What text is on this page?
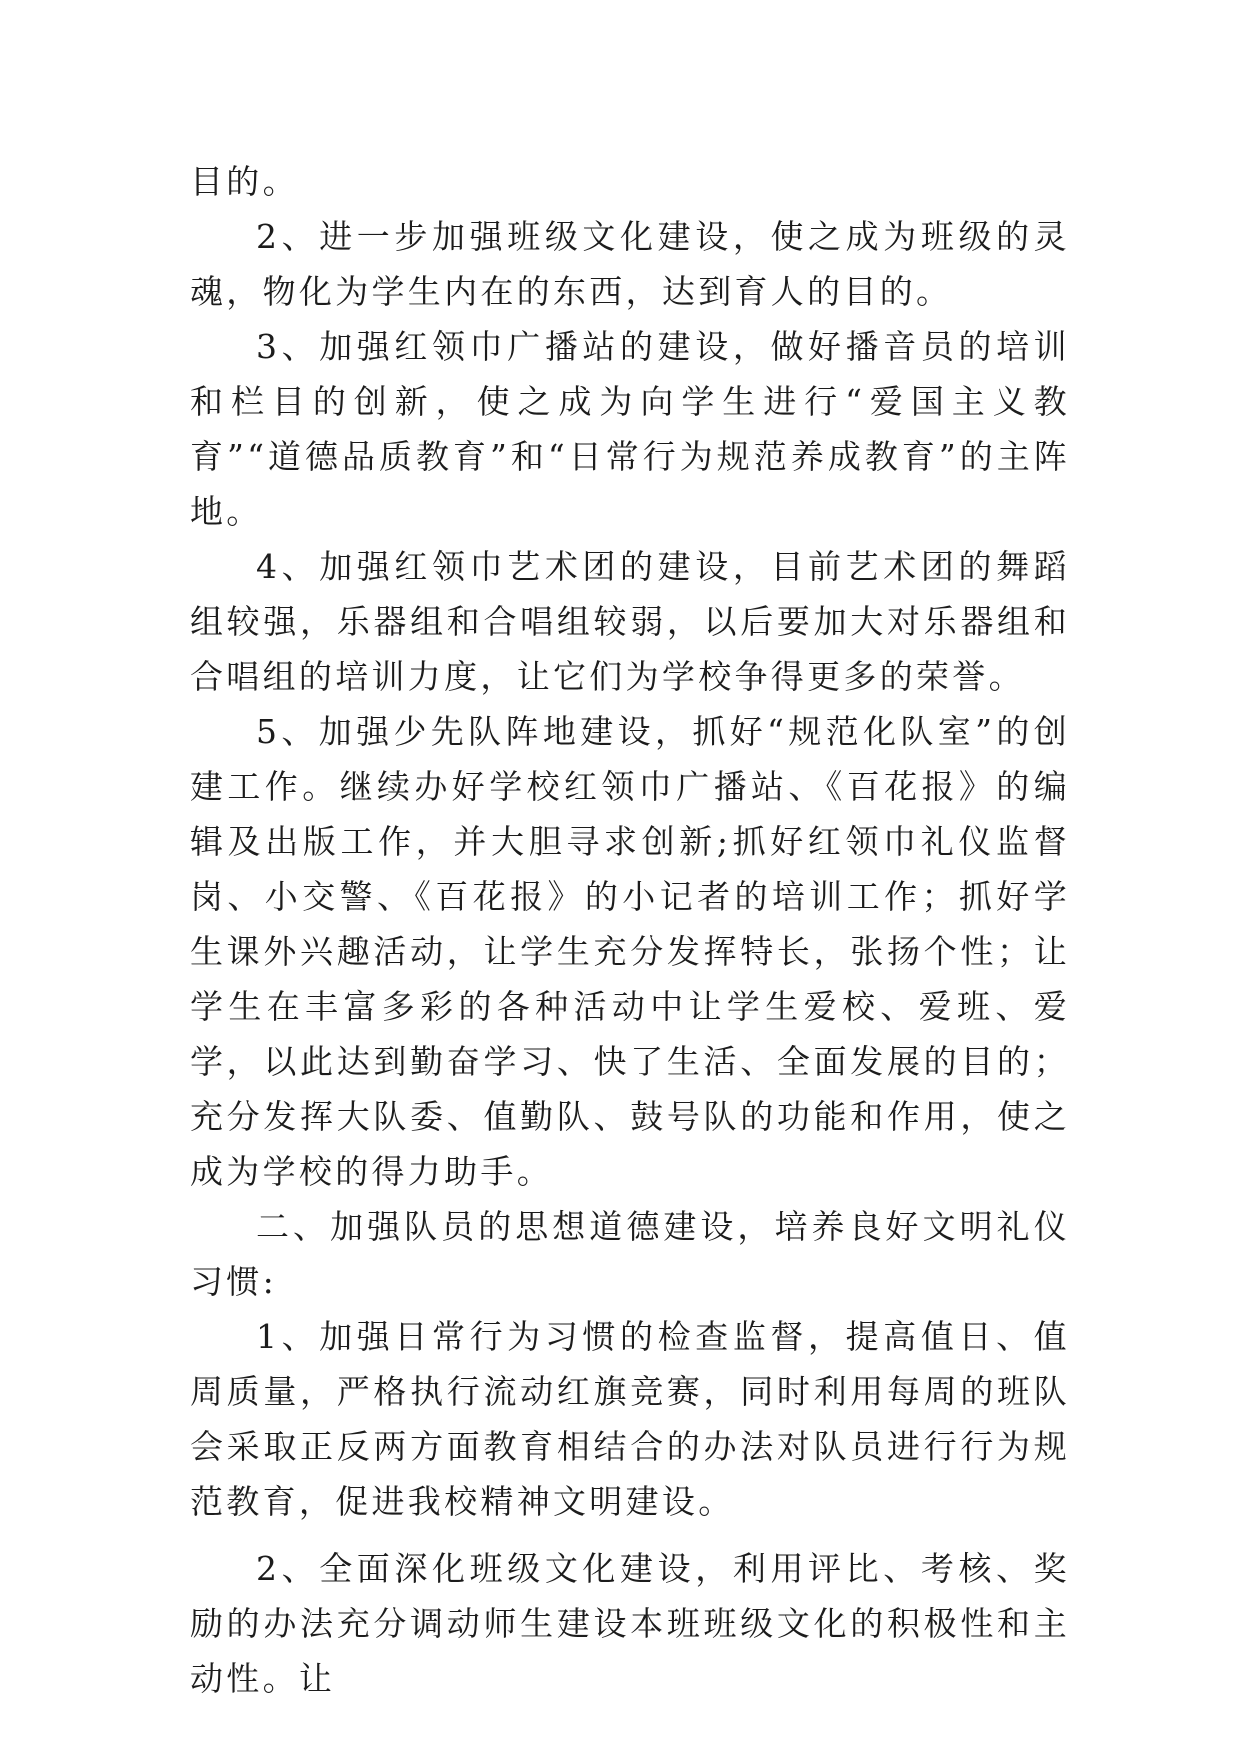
目的。

2、进一步加强班级文化建设，使之成为班级的灵魂，物化为学生内在的东西，达到育人的目的。

3、加强红领巾广播站的建设，做好播音员的培训和栏目的创新，使之成为向学生进行“爱国主义教育”“道德品质教育”和“日常行为规范养成教育”的主阵地。

4、加强红领巾艺术团的建设，目前艺术团的舞蹈组较强，乐器组和合唱组较弱，以后要加大对乐器组和合唱组的培训力度，让它们为学校争得更多的荣誉。

5、加强少先队阵地建设，抓好“规范化队室”的创建工作。继续办好学校红领巾广播站、《百花报》的编辑及出版工作，并大胆寻求创新;抓好红领巾礼仪监督岗、小交警、《百花报》的小记者的培训工作；抓好学生课外兴趣活动，让学生充分发挥特长，张扬个性；让学生在丰富多彩的各种活动中让学生爱校、爱班、爱学，以此达到勤奋学习、快了生活、全面发展的目的；充分发挥大队委、值勤队、鼓号队的功能和作用，使之成为学校的得力助手。

二、加强队员的思想道德建设，培养良好文明礼仪习惯:

1、加强日常行为习惯的检查监督，提高值日、值周质量，严格执行流动红旗竞赛，同时利用每周的班队会采取正反两方面教育相结合的办法对队员进行行为规范教育，促进我校精神文明建设。

2、全面深化班级文化建设，利用评比、考核、奖励的办法充分调动师生建设本班班级文化的积极性和主动性。让
